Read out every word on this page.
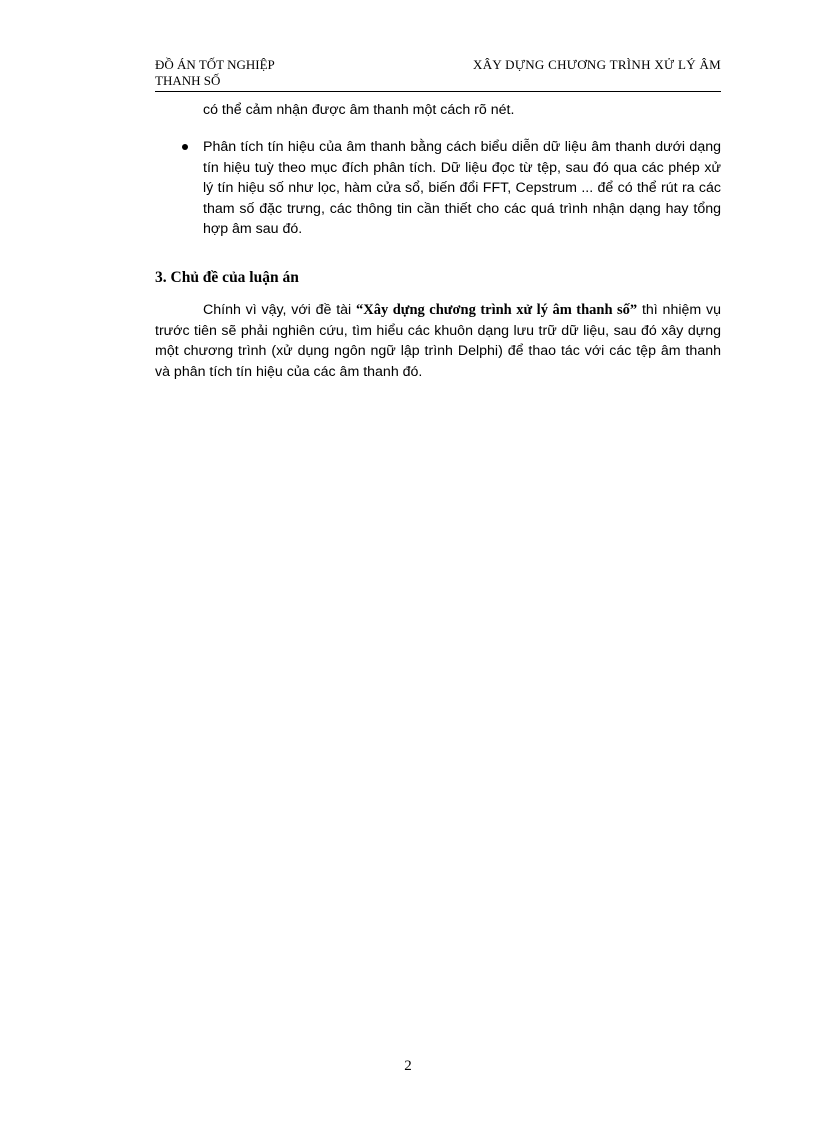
ĐỒ ÁN TỐT NGHIỆP
THANH SỐ
XÂY DỰNG CHƯƠNG TRÌNH XỬ LÝ ÂM
có thể cảm nhận được âm thanh một cách rõ nét.
Phân tích tín hiệu của âm thanh bằng cách biểu diễn dữ liệu âm thanh dưới dạng tín hiệu tuỳ theo mục đích phân tích. Dữ liệu đọc từ tệp, sau đó qua các phép xử lý tín hiệu số như lọc, hàm cửa sổ, biến đổi FFT, Cepstrum ... để có thể rút ra các tham số đặc trưng, các thông tin cần thiết cho các quá trình nhận dạng hay tổng hợp âm sau đó.
3. Chủ đề của luận án
Chính vì vậy, với đề tài “Xây dựng chương trình xử lý âm thanh số” thì nhiệm vụ trước tiên sẽ phải nghiên cứu, tìm hiểu các khuôn dạng lưu trữ dữ liệu, sau đó xây dựng một chương trình (xử dụng ngôn ngữ lập trình Delphi) để thao tác với các tệp âm thanh và phân tích tín hiệu của các âm thanh đó.
2
